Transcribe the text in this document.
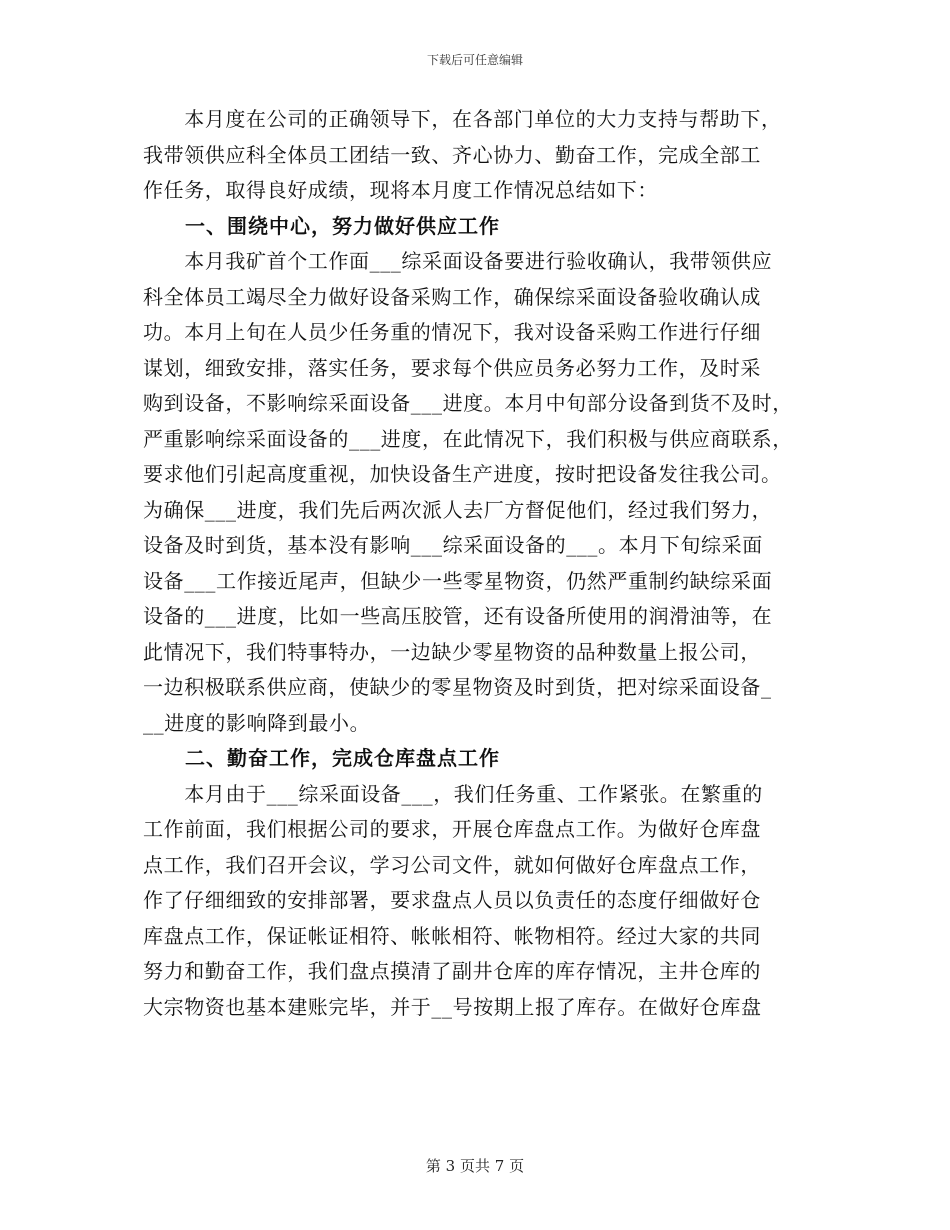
下载后可任意编辑
　　本月度在公司的正确领导下，在各部门单位的大力支持与帮助下，
我带领供应科全体员工团结一致、齐心协力、勤奋工作，完成全部工
作任务，取得良好成绩，现将本月度工作情况总结如下：
　　一、围绕中心，努力做好供应工作
　　本月我矿首个工作面___综采面设备要进行验收确认，我带领供应
科全体员工竭尽全力做好设备采购工作，确保综采面设备验收确认成
功。本月上旬在人员少任务重的情况下，我对设备采购工作进行仔细
谋划，细致安排，落实任务，要求每个供应员务必努力工作，及时采
购到设备，不影响综采面设备___进度。本月中旬部分设备到货不及时，
严重影响综采面设备的___进度，在此情况下，我们积极与供应商联系，
要求他们引起高度重视，加快设备生产进度，按时把设备发往我公司。
为确保___进度，我们先后两次派人去厂方督促他们，经过我们努力，
设备及时到货，基本没有影响___综采面设备的___。本月下旬综采面
设备___工作接近尾声，但缺少一些零星物资，仍然严重制约缺综采面
设备的___进度，比如一些高压胶管，还有设备所使用的润滑油等，在
此情况下，我们特事特办，一边缺少零星物资的品种数量上报公司，
一边积极联系供应商，使缺少的零星物资及时到货，把对综采面设备_
__进度的影响降到最小。
　　二、勤奋工作，完成仓库盘点工作
　　本月由于___综采面设备___，我们任务重、工作紧张。在繁重的
工作前面，我们根据公司的要求，开展仓库盘点工作。为做好仓库盘
点工作，我们召开会议，学习公司文件，就如何做好仓库盘点工作，
作了仔细细致的安排部署，要求盘点人员以负责任的态度仔细做好仓
库盘点工作，保证帐证相符、帐帐相符、帐物相符。经过大家的共同
努力和勤奋工作，我们盘点摸清了副井仓库的库存情况，主井仓库的
大宗物资也基本建账完毕，并于__号按期上报了库存。在做好仓库盘
第 3 页共 7 页
